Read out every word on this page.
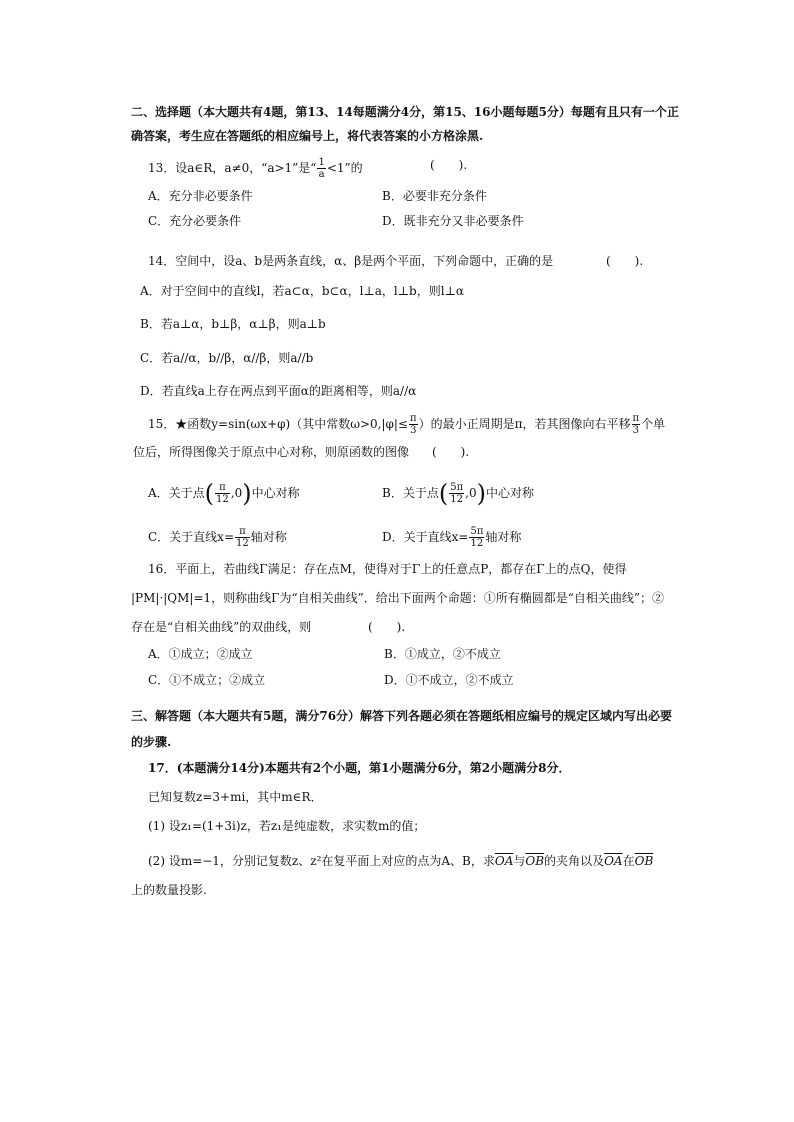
二、选择题（本大题共有4题，第13、14每题满分4分，第15、16小题每题5分）每题有且只有一个正
确答案，考生应在答题纸的相应编号上，将代表答案的小方格涂黑.
13．设a∈R，a≠0，“a>1”是“ $\frac{1}{a} <1$”的	(　　).
A．充分非必要条件	B．必要非充分条件
C．充分必要条件	D．既非充分又非必要条件
14．空间中，设a、b是两条直线，α、β是两个平面，下列命题中，正确的是	(　　).
A．对于空间中的直线l，若a⊂α，b⊂α，l⊥a，l⊥b，则l⊥α
B．若a⊥α，b⊥β，α⊥β，则a⊥b
C．若a//α，b//β，α//β，则a//b
D．若直线a上存在两点到平面α的距离相等，则a//α
15．★函数y=sin(ωx+φ)（其中常数$\omega>0,|\varphi|\le \frac{\pi}{3}$ ）的最小正周期是π，若其图像向右平移 $\frac{\pi}{3}$ 个单
位后，所得图像关于原点中心对称，则原函数的图像 (　　).
A．关于点( $\frac{\pi}{12} ,0$)中心对称	B．关于点( $\frac{5\pi}{12} ,0$)中心对称
C．关于直线$x= \frac{\pi}{12}$ 轴对称	D．关于直线$x= \frac{5\pi}{12}$ 轴对称
16．平面上，若曲线Γ满足：存在点M，使得对于Γ上的任意点P，都存在Γ上的点Q，使得
|PM|·|QM|=1，则称曲线Γ为“自相关曲线”．给出下面两个命题：①所有椭圆都是“自相关曲线”；②
存在是“自相关曲线”的双曲线，则	(　　).
A．①成立；②成立	B．①成立，②不成立
C．①不成立；②成立	D．①不成立，②不成立
三、解答题（本大题共有5题，满分76分）解答下列各题必须在答题纸相应编号的规定区域内写出必要
的步骤.
17．(本题满分14分)本题共有2个小题，第1小题满分6分，第2小题满分8分．
已知复数z=3+mi，其中m∈R．
(1) 设z₁=(1+3i)z，若z₁是纯虚数，求实数m的值；
(2) 设m=−1，分别记复数z、z²在复平面上对应的点为A、B，求$\overline{OA}$与$\overline{OB}$的夹角以及$\overline{OA}$在$\overline{OB}$
上的数量投影.
